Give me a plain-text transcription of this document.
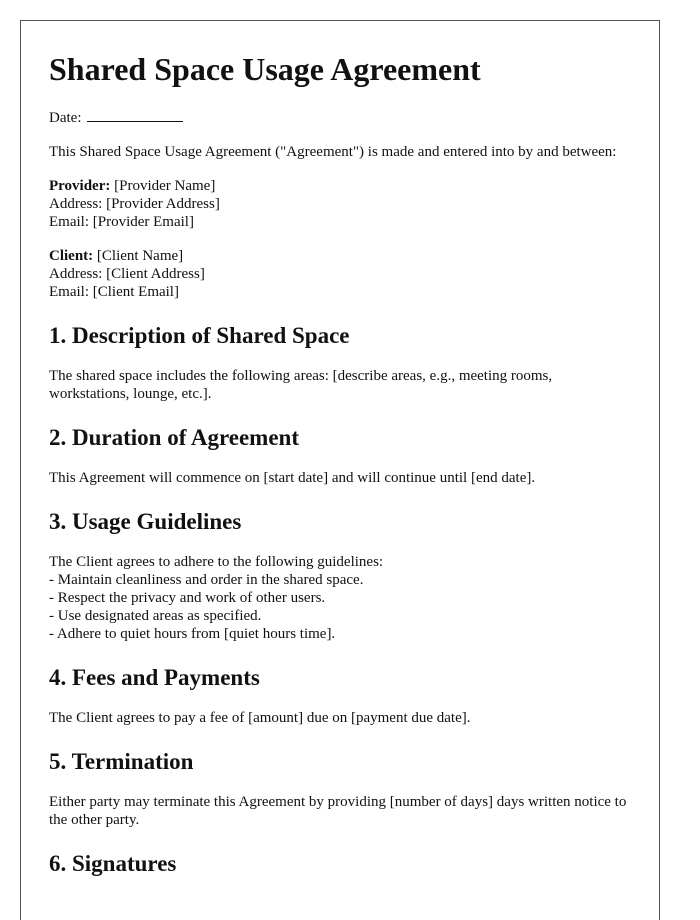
Shared Space Usage Agreement

Date:

This Shared Space Usage Agreement ("Agreement") is made and entered into by and between:

Provider: [Provider Name]
Address: [Provider Address]
Email: [Provider Email]
Client: [Client Name]
Address: [Client Address]
Email: [Client Email]
1. Description of Shared Space

The shared space includes the following areas: [describe areas, e.g., meeting rooms, workstations, lounge, etc.].

2. Duration of Agreement

This Agreement will commence on [start date] and will continue until [end date].

3. Usage Guidelines
The Client agrees to adhere to the following guidelines:
- Maintain cleanliness and order in the shared space.
- Respect the privacy and work of other users.
- Use designated areas as specified.
- Adhere to quiet hours from [quiet hours time].
4. Fees and Payments

The Client agrees to pay a fee of [amount] due on [payment due date].

5. Termination

Either party may terminate this Agreement by providing [number of days] days written notice to the other party.

6. Signatures
